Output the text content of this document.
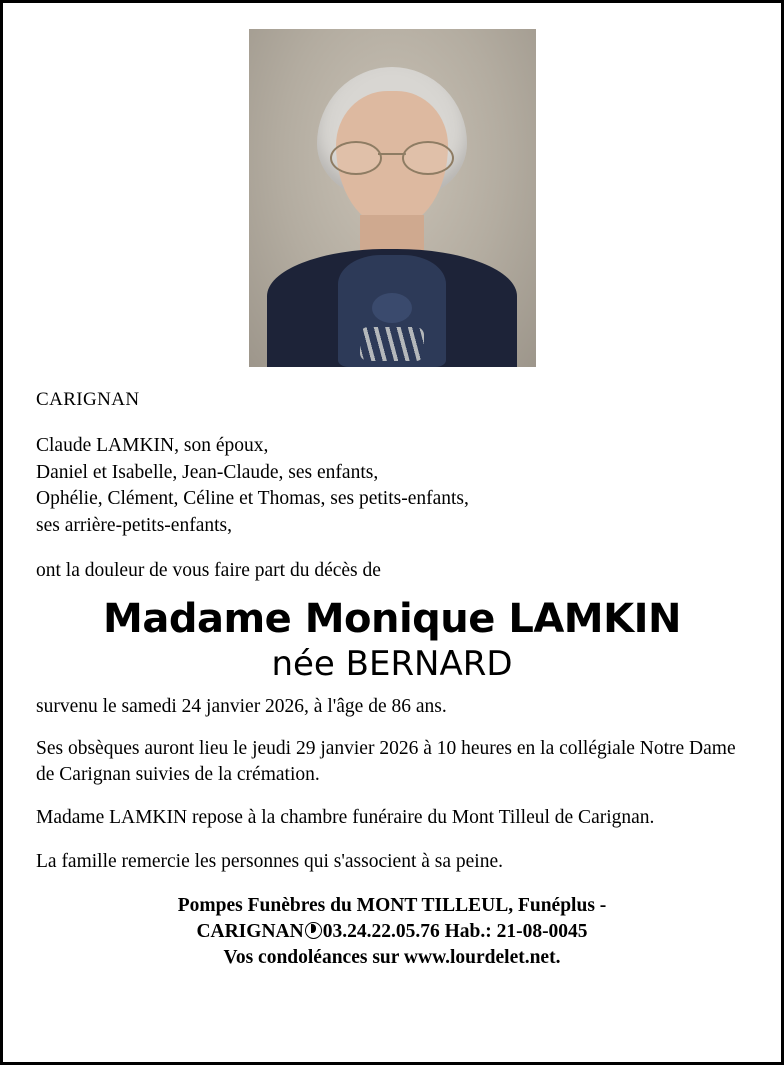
CARIGNAN

Claude LAMKIN, son époux,

Daniel et Isabelle, Jean-Claude, ses enfants,

Ophélie, Clément, Céline et Thomas, ses petits-enfants,

ses arrière-petits-enfants,

ont la douleur de vous faire part du décès de

Madame Monique LAMKIN
née BERNARD

survenu le samedi 24 janvier 2026, à l'âge de 86 ans.

Ses obsèques auront lieu le jeudi 29 janvier 2026 à 10 heures en la collégiale Notre Dame de Carignan suivies de la crémation.

Madame LAMKIN repose à la chambre funéraire du Mont Tilleul de Carignan.

La famille remercie les personnes qui s'associent à sa peine.

Pompes Funèbres du MONT TILLEUL, Funéplus -
CARIGNAN 03.24.22.05.76 Hab.: 21-08-0045
Vos condoléances sur www.lourdelet.net.
